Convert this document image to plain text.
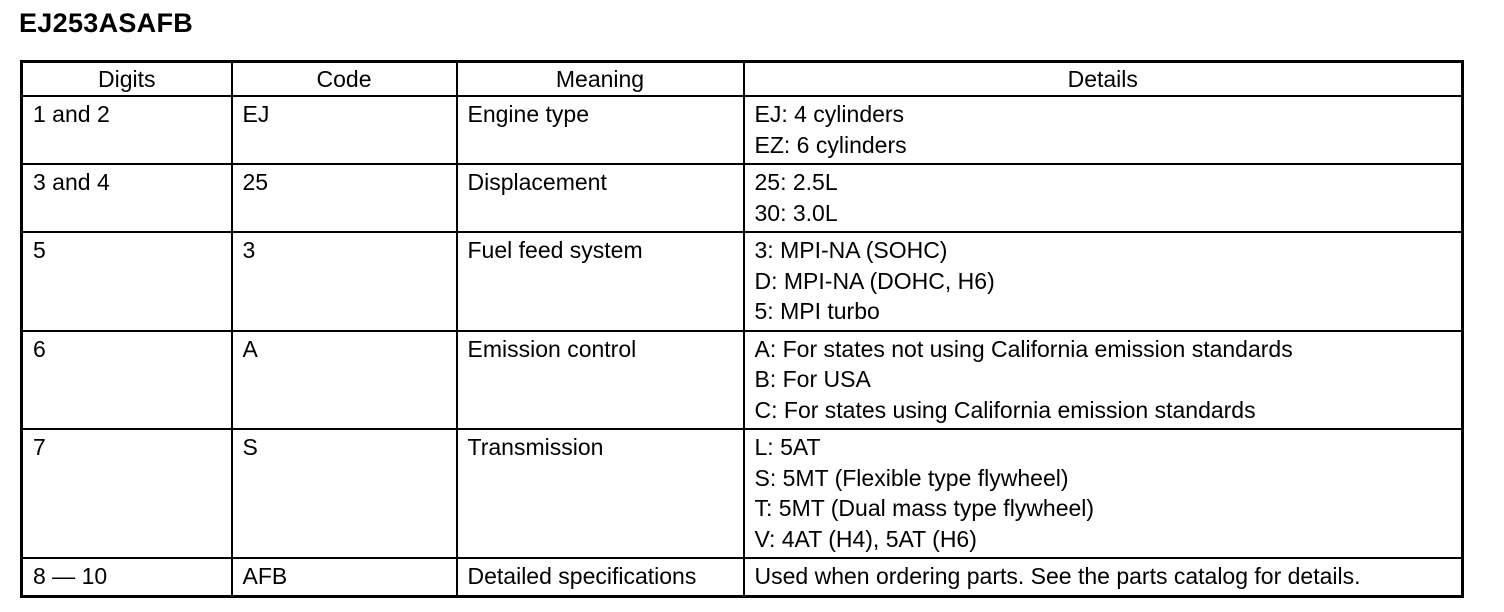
EJ253ASAFB
Digits	Code	Meaning	Details
1 and 2	EJ	Engine type	EJ: 4 cylinders
EZ: 6 cylinders

3 and 4	25	Displacement	25: 2.5L
30: 3.0L

5	3	Fuel feed system	3: MPI-NA (SOHC)
D: MPI-NA (DOHC, H6)
5: MPI turbo

6	A	Emission control	A: For states not using California emission standards
B: For USA
C: For states using California emission standards

7	S	Transmission	L: 5AT
S: 5MT (Flexible type flywheel)
T: 5MT (Dual mass type flywheel)
V: 4AT (H4), 5AT (H6)

8 — 10	AFB	Detailed specifications	Used when ordering parts. See the parts catalog for details.
